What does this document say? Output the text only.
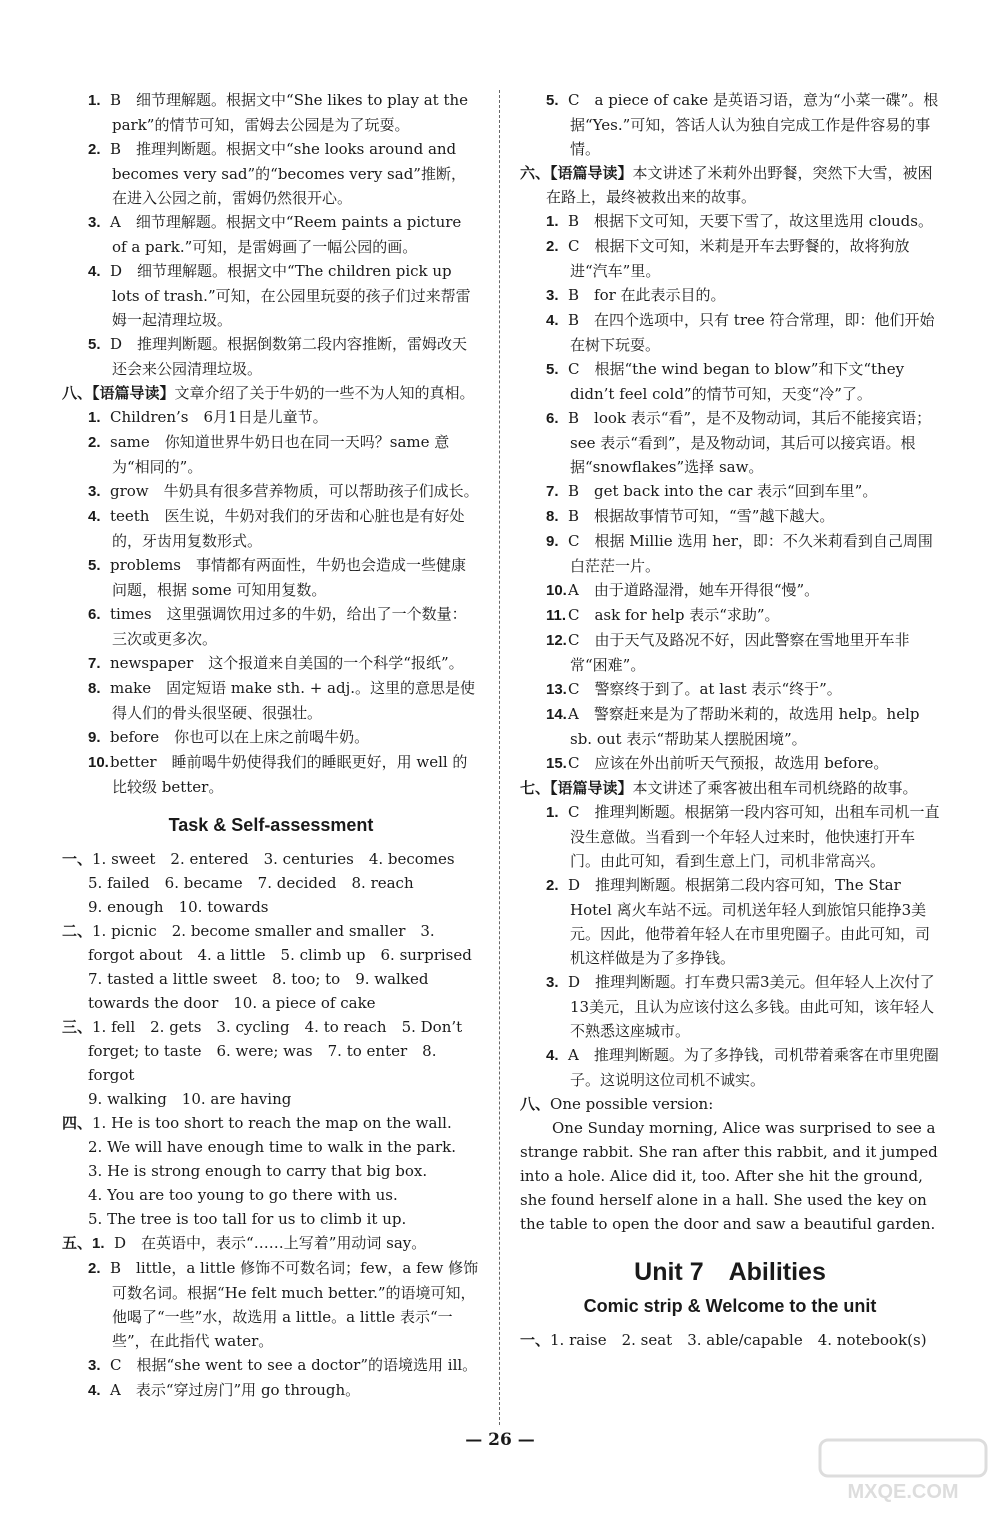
1. B　细节理解题。根据文中“She likes to play at the park”的情节可知，雷姆去公园是为了玩耍。

2. B　推理判断题。根据文中“she looks around and becomes very sad”的“becomes very sad”推断，在进入公园之前，雷姆仍然很开心。

3. A　细节理解题。根据文中“Reem paints a picture of a park.”可知，是雷姆画了一幅公园的画。

4. D　细节理解题。根据文中“The children pick up lots of trash.”可知，在公园里玩耍的孩子们过来帮雷姆一起清理垃圾。

5. D　推理判断题。根据倒数第二段内容推断，雷姆改天还会来公园清理垃圾。

八、【语篇导读】文章介绍了关于牛奶的一些不为人知的真相。

1. Children’s　6月1日是儿童节。

2. same　你知道世界牛奶日也在同一天吗？same 意为“相同的”。

3. grow　牛奶具有很多营养物质，可以帮助孩子们成长。

4. teeth　医生说，牛奶对我们的牙齿和心脏也是有好处的，牙齿用复数形式。

5. problems　事情都有两面性，牛奶也会造成一些健康问题，根据 some 可知用复数。

6. times　这里强调饮用过多的牛奶，给出了一个数量：三次或更多次。

7. newspaper　这个报道来自美国的一个科学“报纸”。

8. make　固定短语 make sth. + adj.。这里的意思是使得人们的骨头很坚硬、很强壮。

9. before　你也可以在上床之前喝牛奶。

10.better　睡前喝牛奶使得我们的睡眠更好，用 well 的比较级 better。

Task & Self-assessment

一、1. sweet　2. entered　3. centuries　4. becomes

5. failed　6. became　7. decided　8. reach

9. enough　10. towards

二、1. picnic　2. become smaller and smaller　3. forgot about　4. a little　5. climb up　6. surprised

7. tasted a little sweet　8. too; to　9. walked towards the door　10. a piece of cake

三、1. fell　2. gets　3. cycling　4. to reach　5. Don’t forget; to taste　6. were; was　7. to enter　8. forgot

9. walking　10. are having

四、1. He is too short to reach the map on the wall.

2. We will have enough time to walk in the park.

3. He is strong enough to carry that big box.

4. You are too young to go there with us.

5. The tree is too tall for us to climb it up.

五、1. D　在英语中，表示“……上写着”用动词 say。

2. B　little，a little 修饰不可数名词；few，a few 修饰可数名词。根据“He felt much better.”的语境可知，他喝了“一些”水，故选用 a little。a little 表示“一些”，在此指代 water。

3. C　根据“she went to see a doctor”的语境选用 ill。

4. A　表示“穿过房门”用 go through。

5. C　a piece of cake 是英语习语，意为“小菜一碟”。根据“Yes.”可知，答话人认为独自完成工作是件容易的事情。

六、【语篇导读】本文讲述了米莉外出野餐，突然下大雪，被困在路上，最终被救出来的故事。

1. B　根据下文可知，天要下雪了，故这里选用 clouds。

2. C　根据下文可知，米莉是开车去野餐的，故将狗放进“汽车”里。

3. B　for 在此表示目的。

4. B　在四个选项中，只有 tree 符合常理，即：他们开始在树下玩耍。

5. C　根据“the wind began to blow”和下文“they didn’t feel cold”的情节可知，天变“冷”了。

6. B　look 表示“看”，是不及物动词，其后不能接宾语；see 表示“看到”，是及物动词，其后可以接宾语。根据“snowflakes”选择 saw。

7. B　get back into the car 表示“回到车里”。

8. B　根据故事情节可知，“雪”越下越大。

9. C　根据 Millie 选用 her，即：不久米莉看到自己周围白茫茫一片。

10.A　由于道路湿滑，她车开得很“慢”。

11. C　ask for help 表示“求助”。

12.C　由于天气及路况不好，因此警察在雪地里开车非常“困难”。

13.C　警察终于到了。at last 表示“终于”。

14.A　警察赶来是为了帮助米莉的，故选用 help。help sb. out 表示“帮助某人摆脱困境”。

15.C　应该在外出前听天气预报，故选用 before。

七、【语篇导读】本文讲述了乘客被出租车司机绕路的故事。

1. C　推理判断题。根据第一段内容可知，出租车司机一直没生意做。当看到一个年轻人过来时，他快速打开车门。由此可知，看到生意上门，司机非常高兴。

2. D　推理判断题。根据第二段内容可知，The Star Hotel 离火车站不远。司机送年轻人到旅馆只能挣3美元。因此，他带着年轻人在市里兜圈子。由此可知，司机这样做是为了多挣钱。

3. D　推理判断题。打车费只需3美元。但年轻人上次付了13美元，且认为应该付这么多钱。由此可知，该年轻人不熟悉这座城市。

4. A　推理判断题。为了多挣钱，司机带着乘客在市里兜圈子。这说明这位司机不诚实。

八、One possible version:

One Sunday morning, Alice was surprised to see a strange rabbit. She ran after this rabbit, and it jumped into a hole. Alice did it, too. After she hit the ground, she found herself alone in a hall. She used the key on the table to open the door and saw a beautiful garden.

Unit 7　Abilities
Comic strip & Welcome to the unit

一、1. raise　2. seat　3. able/capable　4. notebook(s)

— 26 —
MXQE.COM
